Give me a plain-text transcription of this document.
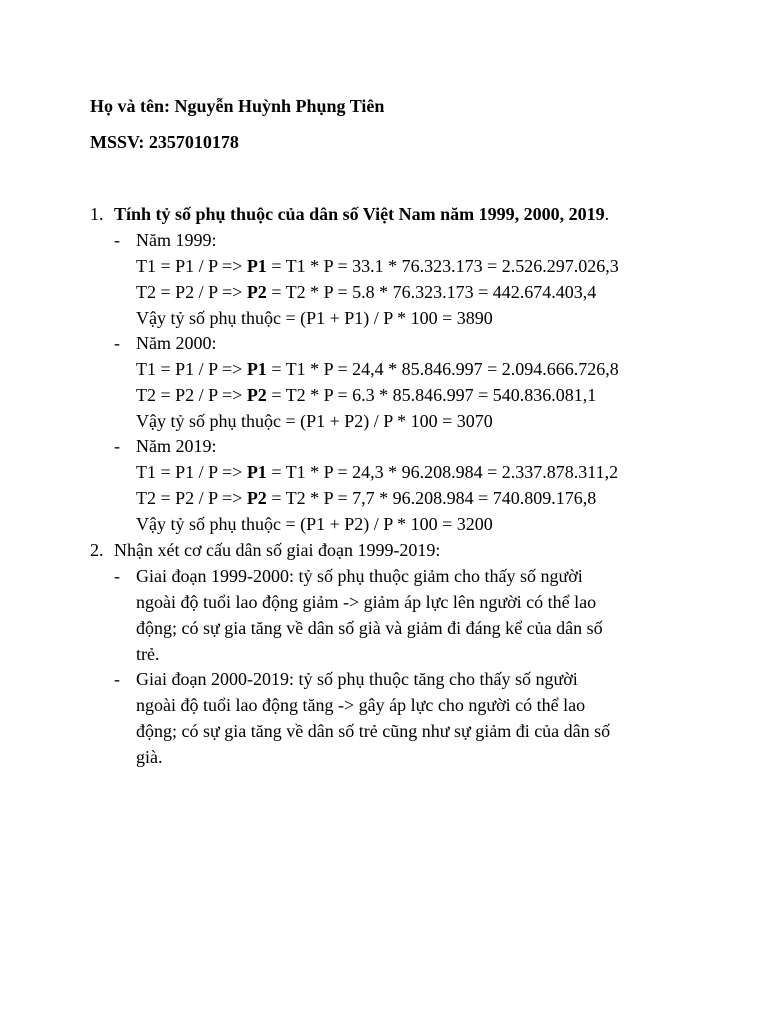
Họ và tên: Nguyễn Huỳnh Phụng Tiên
MSSV: 2357010178
1. Tính tỷ số phụ thuộc của dân số Việt Nam năm 1999, 2000, 2019.
- Năm 1999:
T1 = P1 / P => P1 = T1 * P = 33.1 * 76.323.173 = 2.526.297.026,3
T2 = P2 / P => P2 = T2 * P = 5.8 * 76.323.173 = 442.674.403,4
Vậy tỷ số phụ thuộc = (P1 + P1) / P * 100 = 3890
- Năm 2000:
T1 = P1 / P => P1 = T1 * P = 24,4 * 85.846.997 = 2.094.666.726,8
T2 = P2 / P => P2 = T2 * P = 6.3 * 85.846.997 = 540.836.081,1
Vậy tỷ số phụ thuộc = (P1 + P2) / P * 100 = 3070
- Năm 2019:
T1 = P1 / P => P1 = T1 * P = 24,3 * 96.208.984 = 2.337.878.311,2
T2 = P2 / P => P2 = T2 * P = 7,7 * 96.208.984 = 740.809.176,8
Vậy tỷ số phụ thuộc = (P1 + P2) / P * 100 = 3200
2. Nhận xét cơ cấu dân số giai đoạn 1999-2019:
- Giai đoạn 1999-2000: tỷ số phụ thuộc giảm cho thấy số người
ngoài độ tuổi lao động giảm -> giảm áp lực lên người có thể lao
động; có sự gia tăng về dân số già và giảm đi đáng kể của dân số
trẻ.
- Giai đoạn 2000-2019: tỷ số phụ thuộc tăng cho thấy số người
ngoài độ tuổi lao động tăng -> gây áp lực cho người có thể lao
động; có sự gia tăng về dân số trẻ cũng như sự giảm đi của dân số
già.
